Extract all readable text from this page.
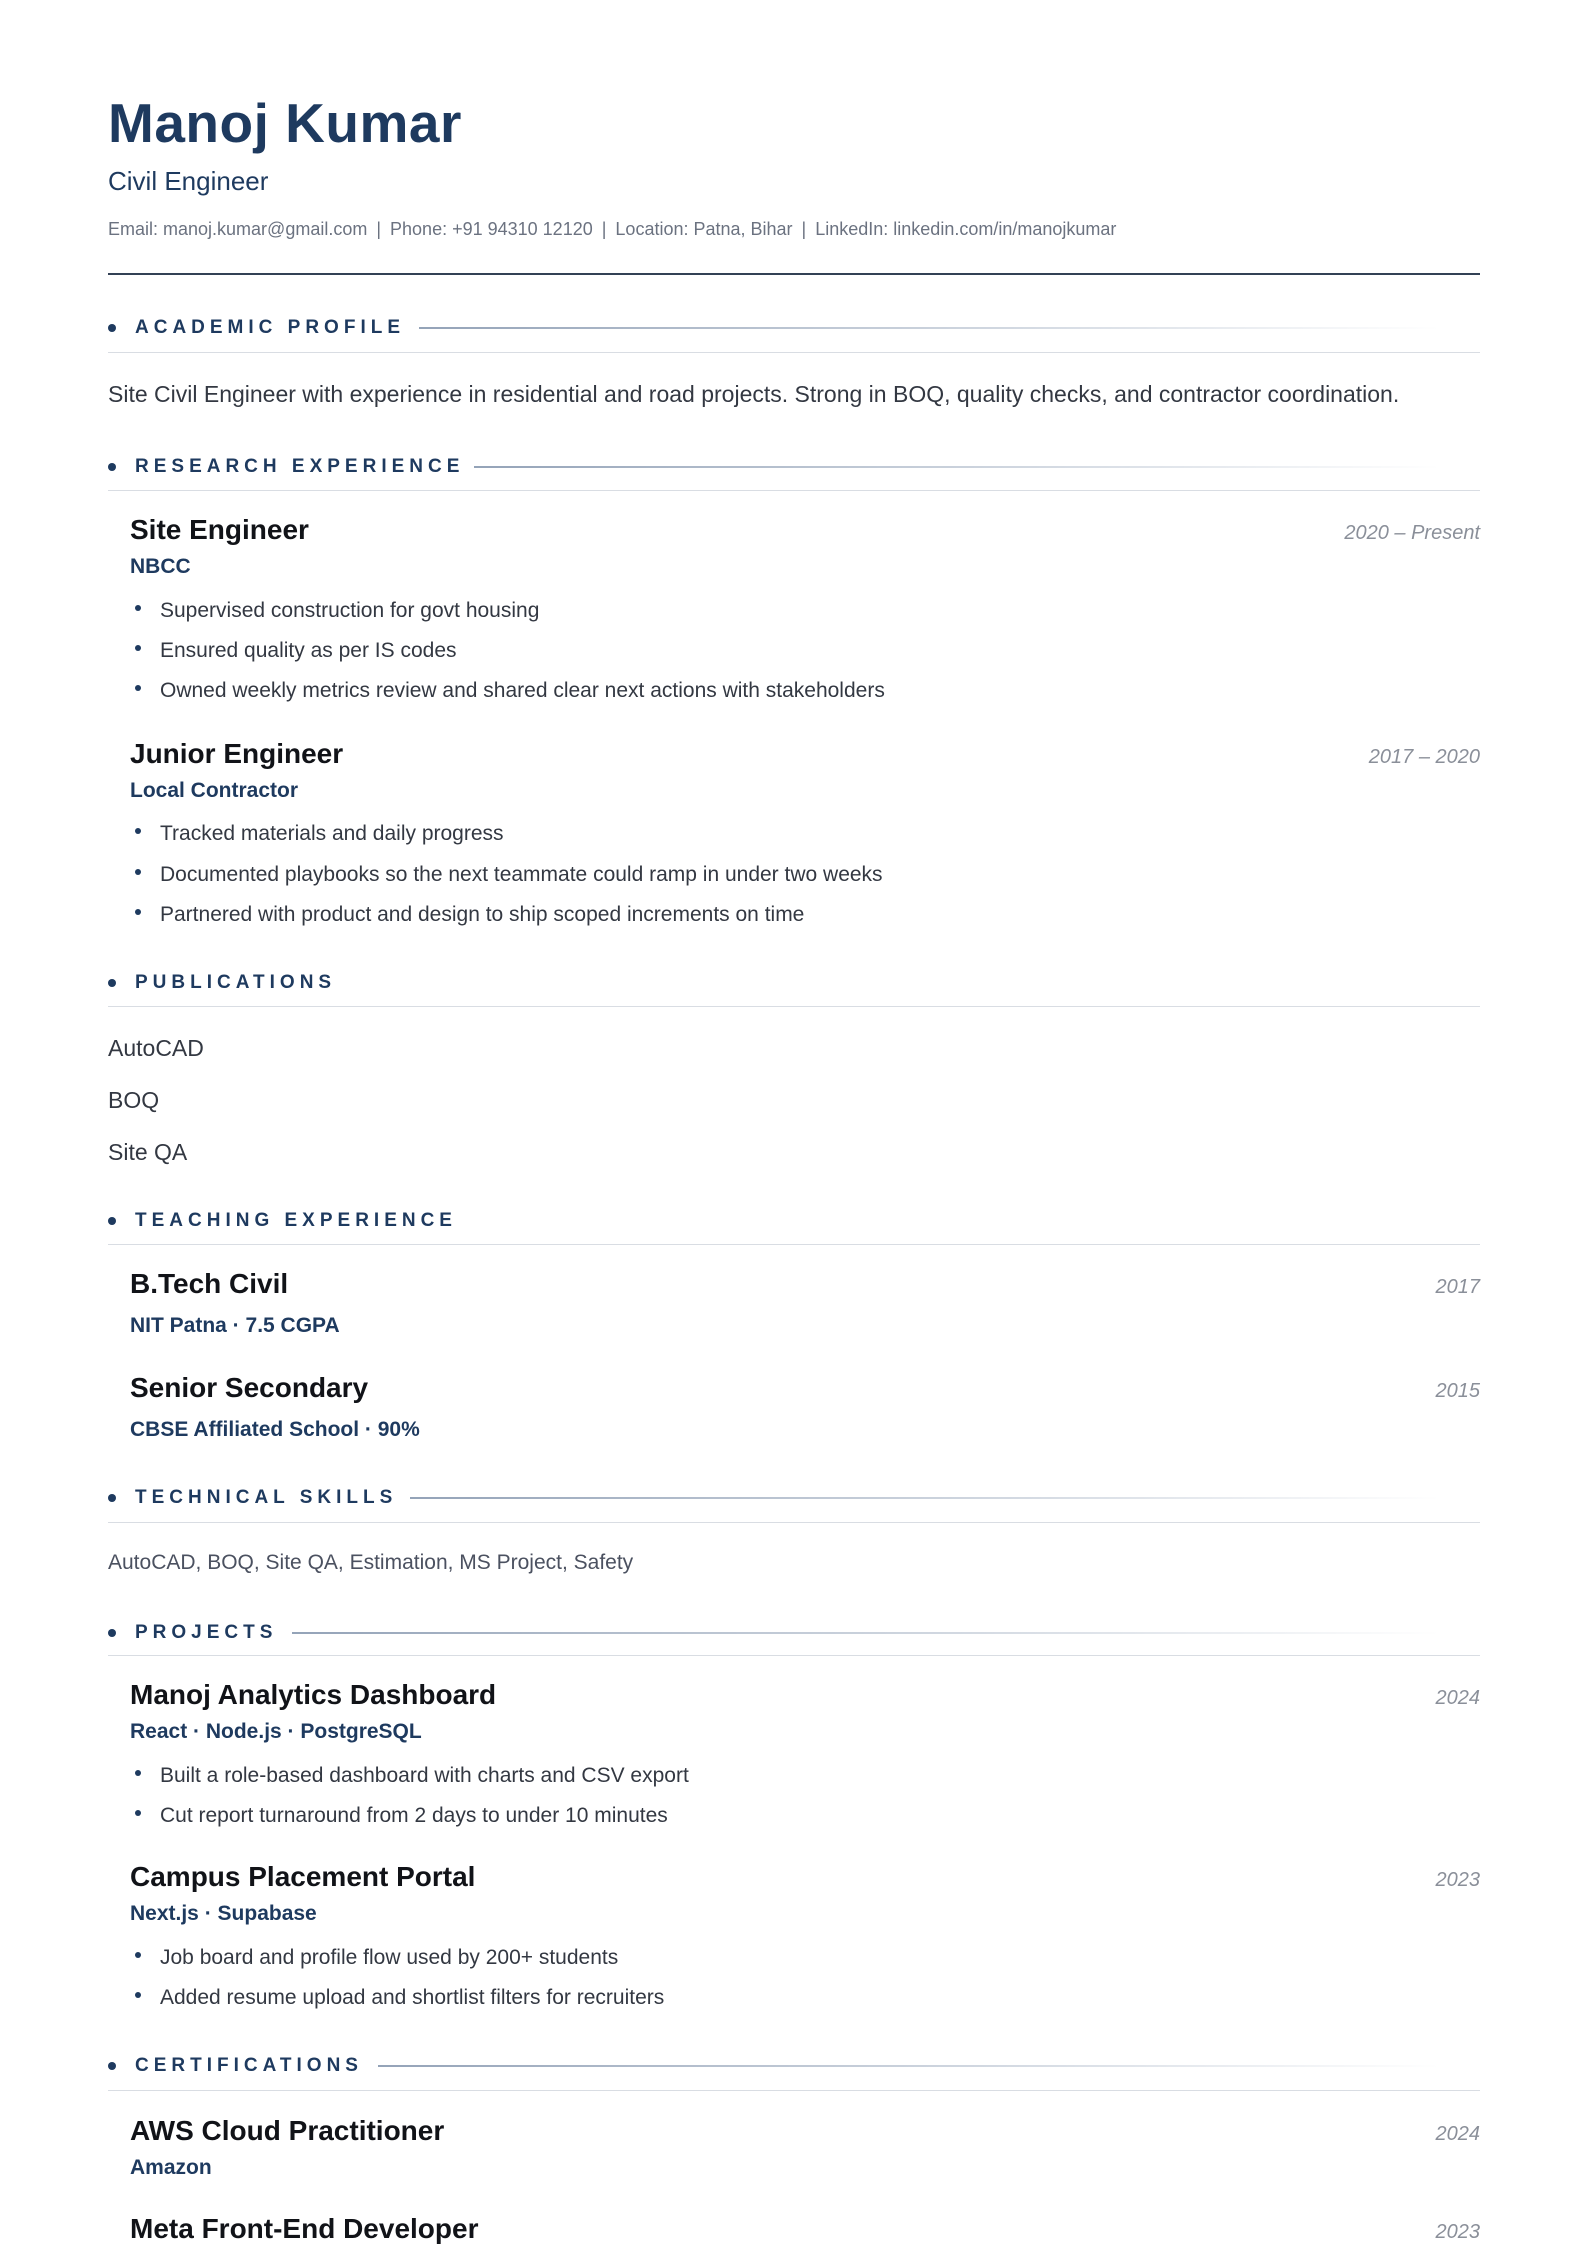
Manoj Kumar
Civil Engineer
Email: manoj.kumar@gmail.com | Phone: +91 94310 12120 | Location: Patna, Bihar | LinkedIn: linkedin.com/in/manojkumar
ACADEMIC PROFILE
Site Civil Engineer with experience in residential and road projects. Strong in BOQ, quality checks, and contractor coordination.
RESEARCH EXPERIENCE
Site Engineer	2020 – Present
NBCC
Supervised construction for govt housing
Ensured quality as per IS codes
Owned weekly metrics review and shared clear next actions with stakeholders
Junior Engineer	2017 – 2020
Local Contractor
Tracked materials and daily progress
Documented playbooks so the next teammate could ramp in under two weeks
Partnered with product and design to ship scoped increments on time
PUBLICATIONS
AutoCAD
BOQ
Site QA
TEACHING EXPERIENCE
B.Tech Civil	2017
NIT Patna · 7.5 CGPA
Senior Secondary	2015
CBSE Affiliated School · 90%
TECHNICAL SKILLS
AutoCAD, BOQ, Site QA, Estimation, MS Project, Safety
PROJECTS
Manoj Analytics Dashboard	2024
React · Node.js · PostgreSQL
Built a role-based dashboard with charts and CSV export
Cut report turnaround from 2 days to under 10 minutes
Campus Placement Portal	2023
Next.js · Supabase
Job board and profile flow used by 200+ students
Added resume upload and shortlist filters for recruiters
CERTIFICATIONS
AWS Cloud Practitioner	2024
Amazon
Meta Front-End Developer	2023
